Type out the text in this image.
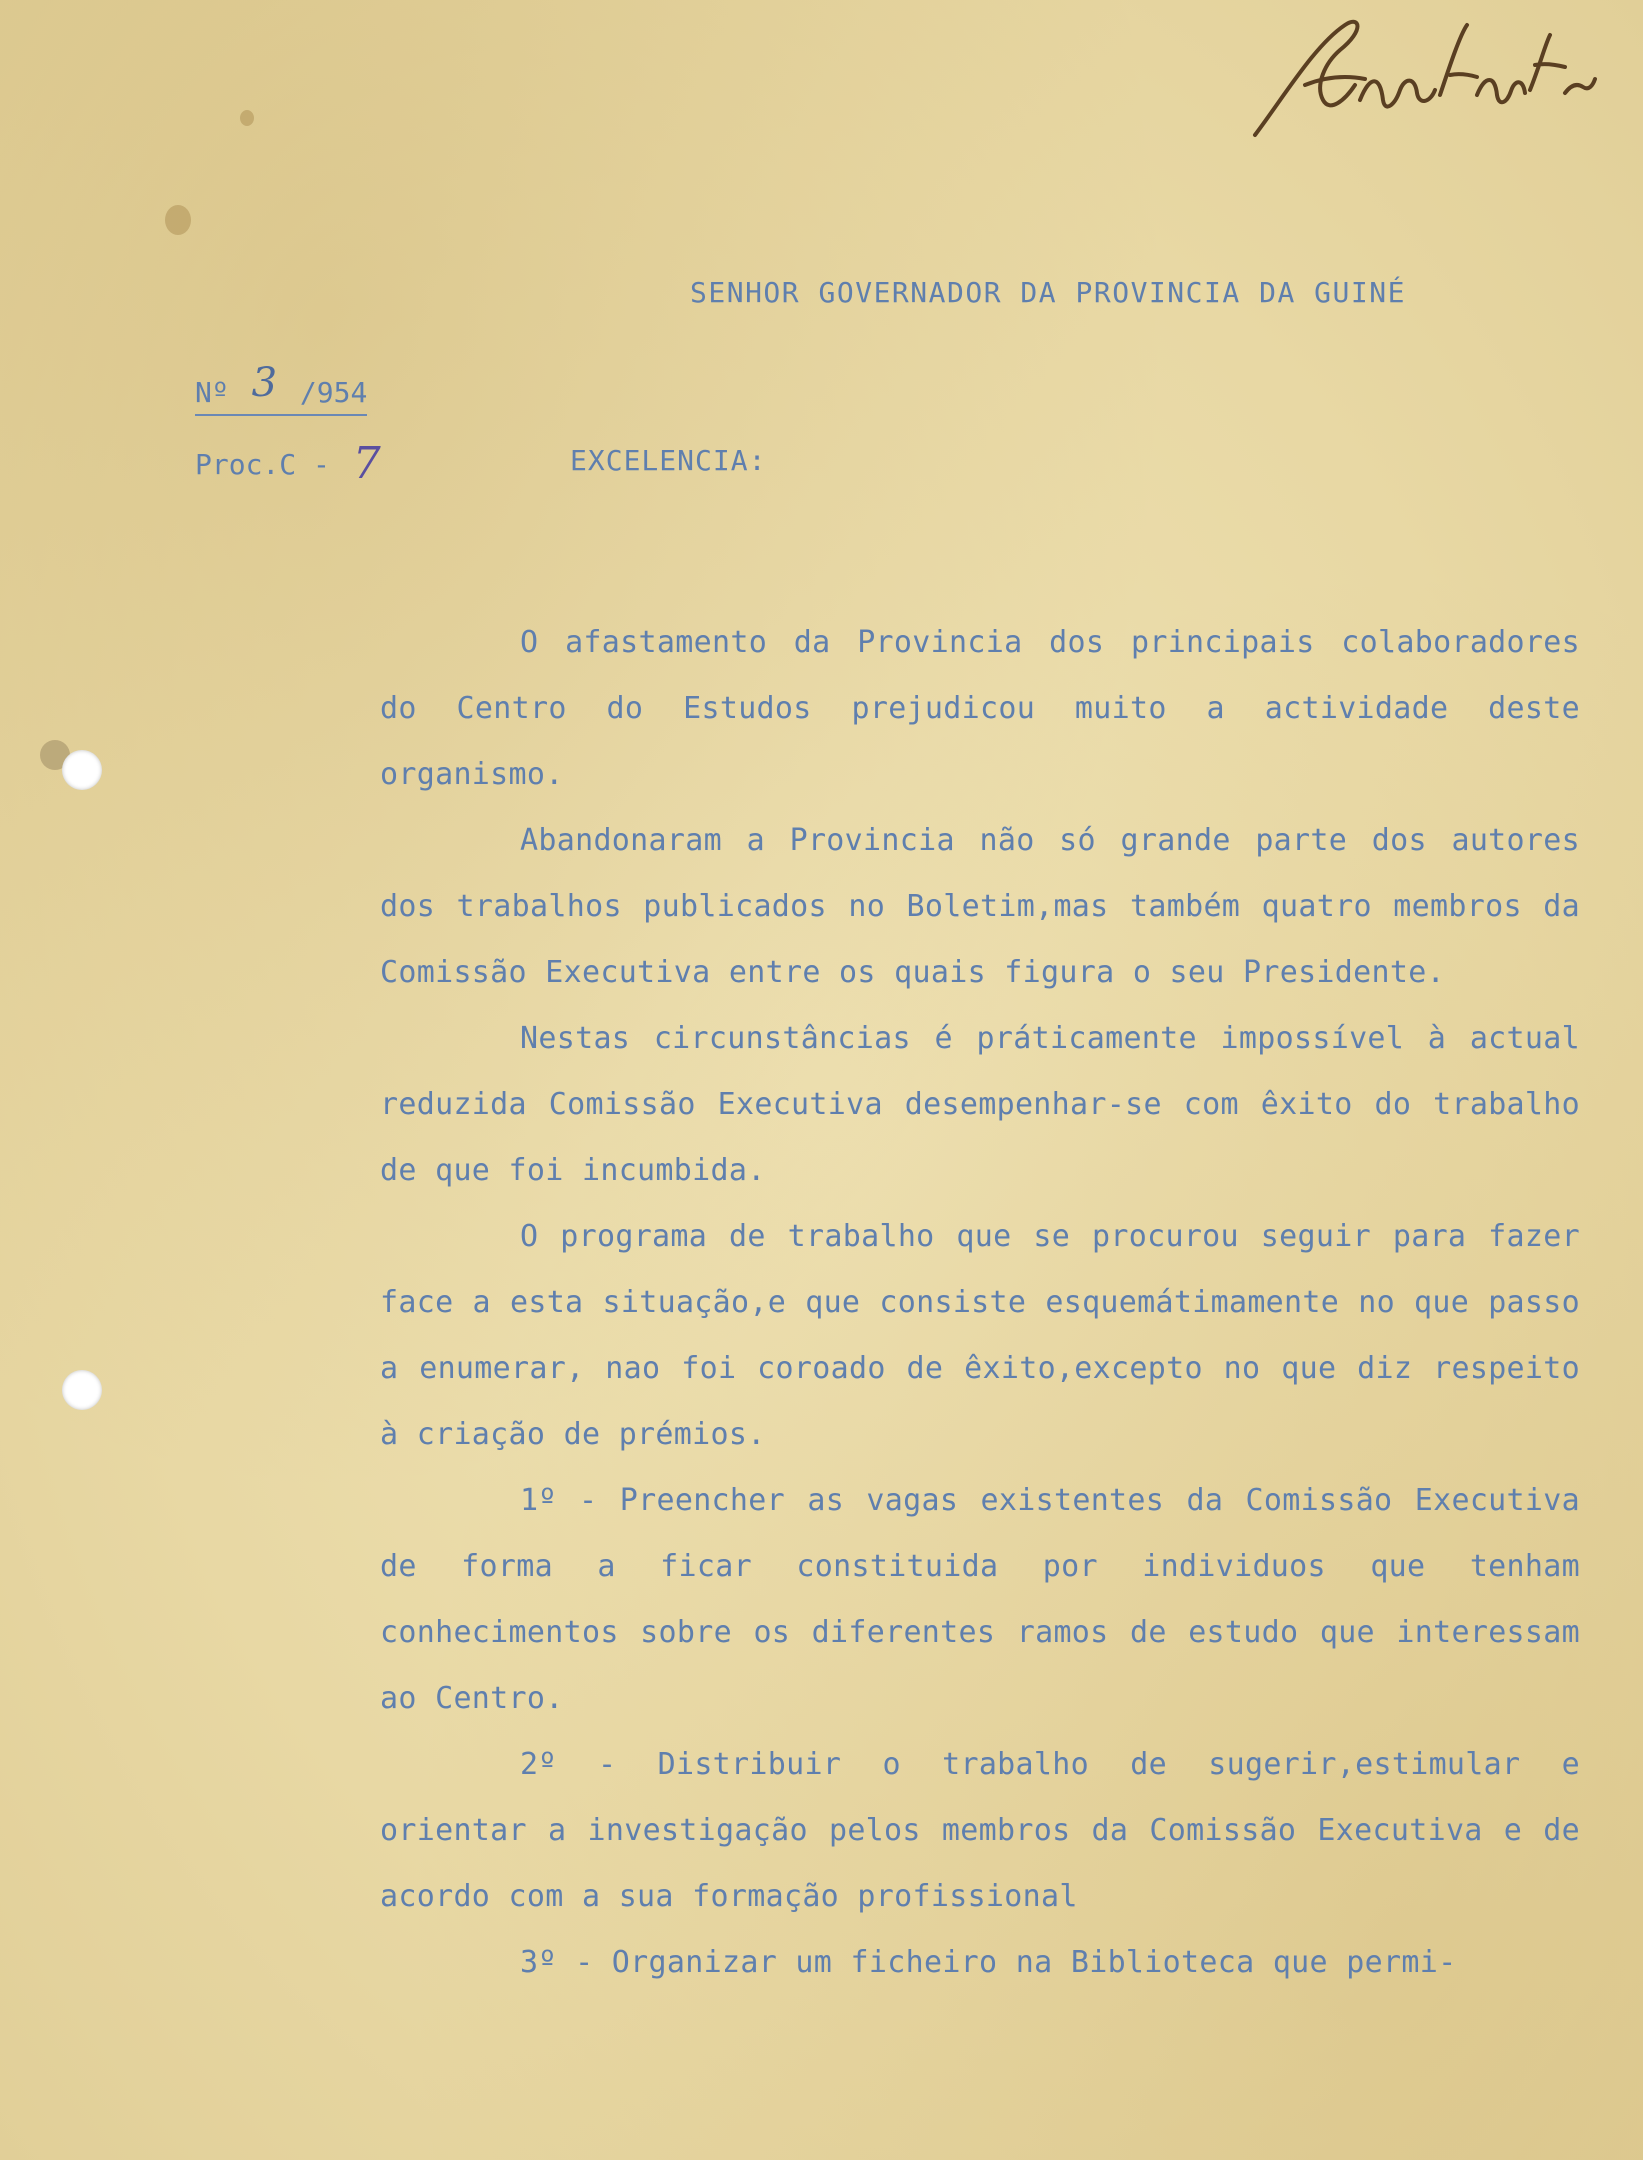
SENHOR GOVERNADOR DA PROVINCIA DA GUINÉ
Nº 3 /954
Proc.C - 7	EXCELENCIA:

O afastamento da Provincia dos principais colaboradores do Centro do Estudos prejudicou muito a actividade deste organismo.

Abandonaram a Provincia não só grande parte dos autores dos trabalhos publicados no Boletim,mas também quatro membros da Comissão Executiva entre os quais figura o seu Presidente.

Nestas circunstâncias é práticamente impossível à actual reduzida Comissão Executiva desempenhar-se com êxito do trabalho de que foi incumbida.

O programa de trabalho que se procurou seguir para fazer face a esta situação,e que consiste esquemátimamente no que passo a enumerar, nao foi coroado de êxito,excepto no que diz respeito à criação de prémios.

1º - Preencher as vagas existentes da Comissão Executiva de forma a ficar constituida por individuos que tenham conhecimentos sobre os diferentes ramos de estudo que interessam ao Centro.

2º - Distribuir o trabalho de sugerir,estimular e orientar a investigação pelos membros da Comissão Executiva e de acordo com a sua formação profissional

3º - Organizar um ficheiro na Biblioteca que permi-
